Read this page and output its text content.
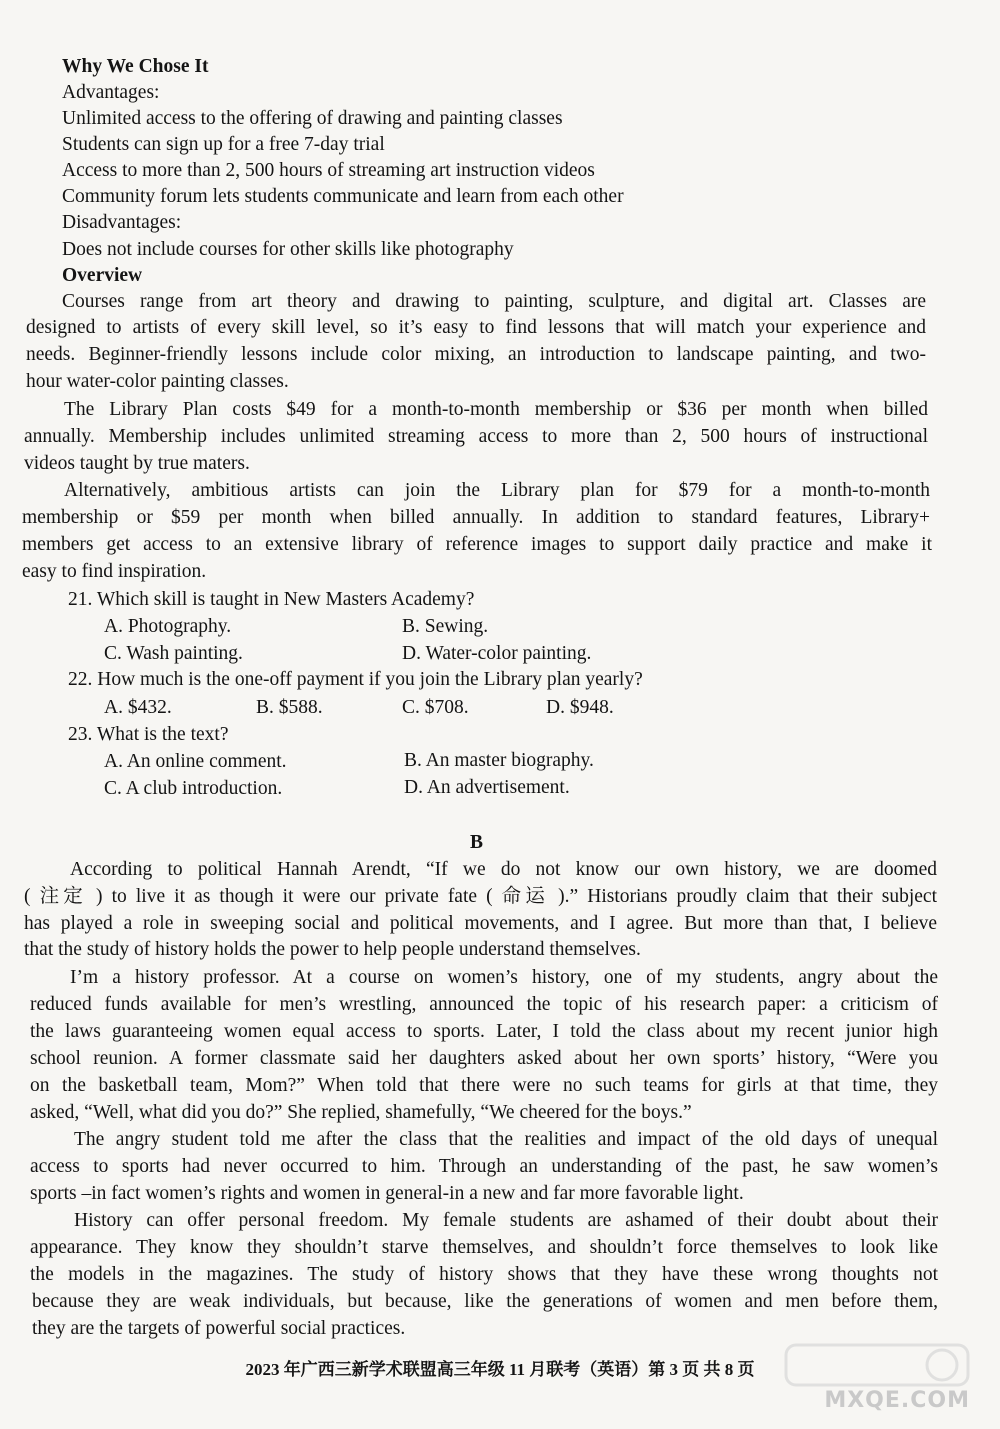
Why We Chose It
Advantages:
Unlimited access to the offering of drawing and painting classes
Students can sign up for a free 7-day trial
Access to more than 2, 500 hours of streaming art instruction videos
Community forum lets students communicate and learn from each other
Disadvantages:
Does not include courses for other skills like photography
Overview
Courses range from art theory and drawing to painting, sculpture, and digital art. Classes are
designed to artists of every skill level, so it’s easy to find lessons that will match your experience and
needs. Beginner-friendly lessons include color mixing, an introduction to landscape painting, and two-
hour water-color painting classes.
The Library Plan costs $49 for a month-to-month membership or $36 per month when billed
annually. Membership includes unlimited streaming access to more than 2, 500 hours of instructional
videos taught by true maters.
Alternatively, ambitious artists can join the Library plan for $79 for a month-to-month
membership or $59 per month when billed annually. In addition to standard features, Library+
members get access to an extensive library of reference images to support daily practice and make it
easy to find inspiration.
21. Which skill is taught in New Masters Academy?
A. Photography.	B. Sewing.
C. Wash painting.	D. Water-color painting.
22. How much is the one-off payment if you join the Library plan yearly?
A. $432.	B. $588.	C. $708.	D. $948.
23. What is the text?
A. An online comment.	B. An master biography.
C. A club introduction.	D. An advertisement.
B
According to political Hannah Arendt, “If we do not know our own history, we are doomed
( 注定 ) to live it as though it were our private fate ( 命运 ).” Historians proudly claim that their subject
has played a role in sweeping social and political movements, and I agree. But more than that, I believe
that the study of history holds the power to help people understand themselves.
I’m a history professor. At a course on women’s history, one of my students, angry about the
reduced funds available for men’s wrestling, announced the topic of his research paper: a criticism of
the laws guaranteeing women equal access to sports. Later, I told the class about my recent junior high
school reunion. A former classmate said her daughters asked about her own sports’ history, “Were you
on the basketball team, Mom?” When told that there were no such teams for girls at that time, they
asked, “Well, what did you do?” She replied, shamefully, “We cheered for the boys.”
The angry student told me after the class that the realities and impact of the old days of unequal
access to sports had never occurred to him. Through an understanding of the past, he saw women’s
sports –in fact women’s rights and women in general-in a new and far more favorable light.
History can offer personal freedom. My female students are ashamed of their doubt about their
appearance. They know they shouldn’t starve themselves, and shouldn’t force themselves to look like
the models in the magazines. The study of history shows that they have these wrong thoughts not
because they are weak individuals, but because, like the generations of women and men before them,
they are the targets of powerful social practices.
2023 年广西三新学术联盟高三年级 11 月联考（英语）第 3 页 共 8 页
MXQE.COM
